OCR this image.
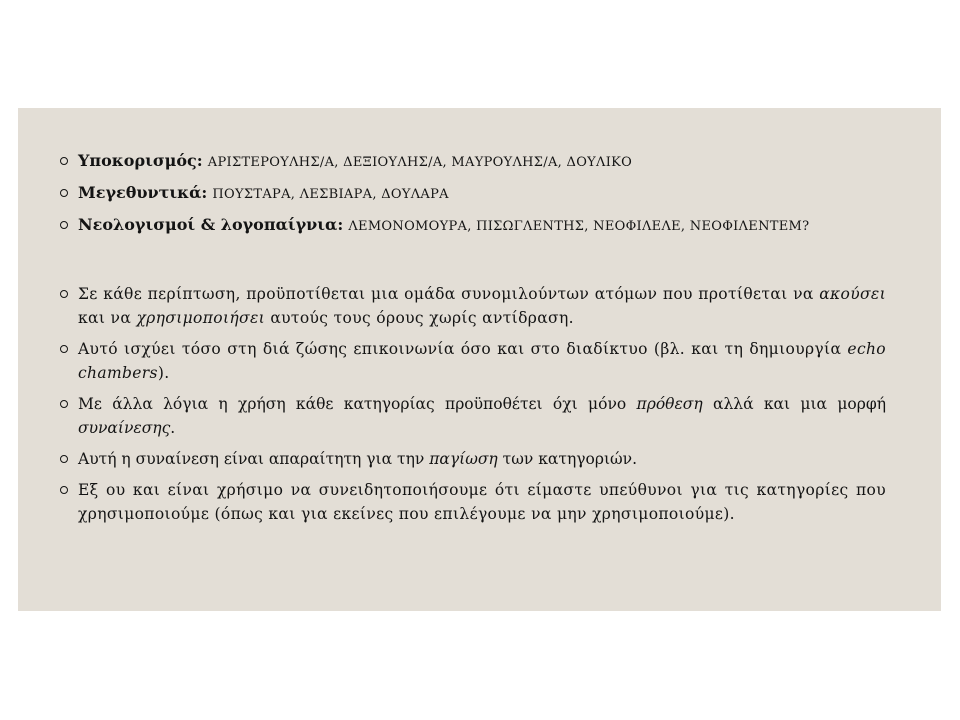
Υποκορισμός: ΑΡΙΣΤΕΡΟΥΛΗΣ/Α, ΔΕΞΙΟΥΛΗΣ/Α, ΜΑΥΡΟΥΛΗΣ/Α, ΔΟΥΛΙΚΟ
Μεγεθυντικά: ΠΟΥΣΤΑΡΑ, ΛΕΣΒΙΑΡΑ, ΔΟΥΛΑΡΑ
Νεολογισμοί & λογοπαίγνια: ΛΕΜΟΝΟΜΟΥΡΑ, ΠΙΣΩΓΛΕΝΤΗΣ, ΝΕΟΦΙΛΕΛΕ, ΝΕΟΦΙΛΕΝΤΕΜ?
Σε κάθε περίπτωση, προϋποτίθεται μια ομάδα συνομιλούντων ατόμων που προτίθεται να ακούσει και να χρησιμοποιήσει αυτούς τους όρους χωρίς αντίδραση.
Αυτό ισχύει τόσο στη διά ζώσης επικοινωνία όσο και στο διαδίκτυο (βλ. και τη δημιουργία echo chambers).
Με άλλα λόγια η χρήση κάθε κατηγορίας προϋποθέτει όχι μόνο πρόθεση αλλά και μια μορφή συναίνεσης.
Αυτή η συναίνεση είναι απαραίτητη για την παγίωση των κατηγοριών.
Εξ ου και είναι χρήσιμο να συνειδητοποιήσουμε ότι είμαστε υπεύθυνοι για τις κατηγορίες που χρησιμοποιούμε (όπως και για εκείνες που επιλέγουμε να μην χρησιμοποιούμε).
